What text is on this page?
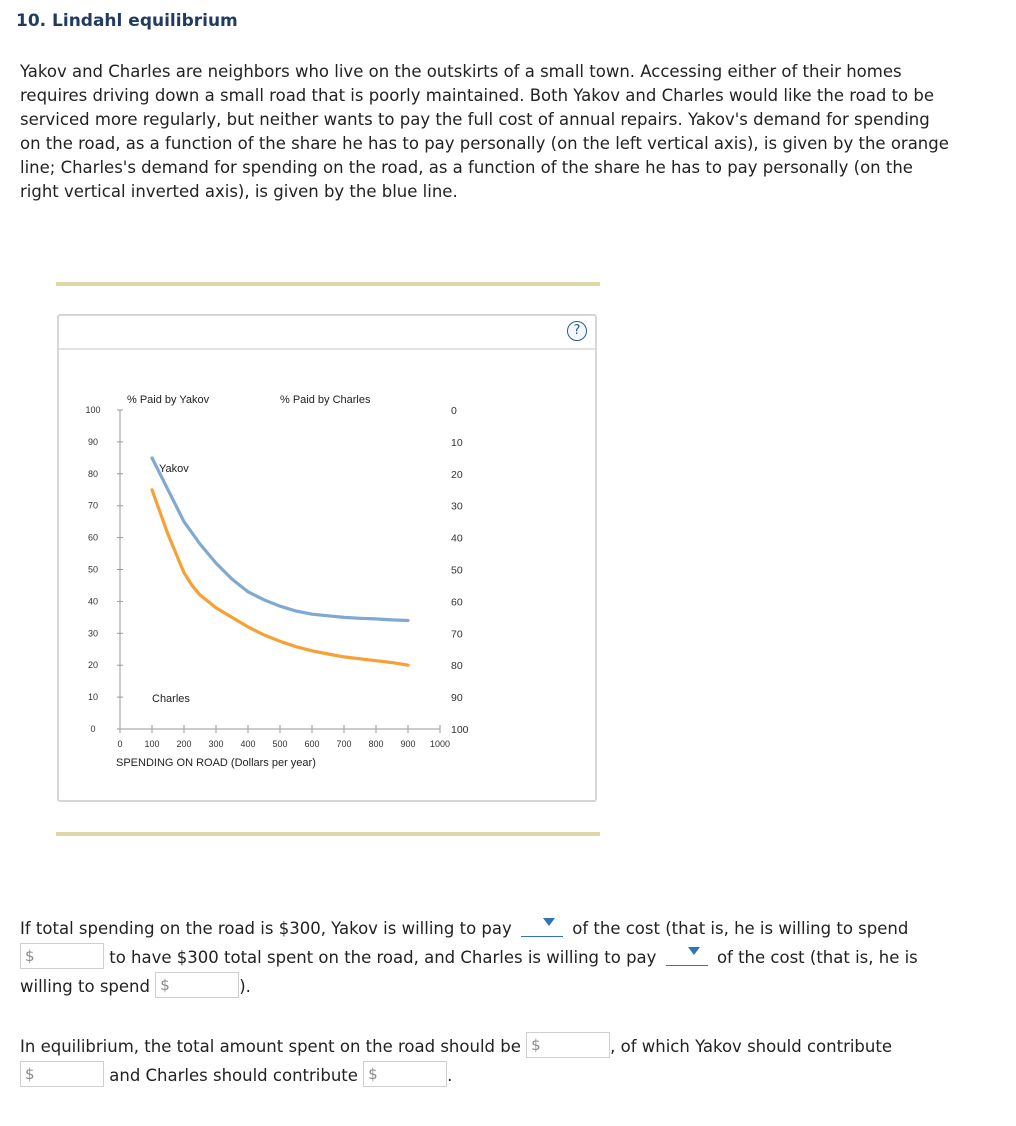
10. Lindahl equilibrium

Yakov and Charles are neighbors who live on the outskirts of a small town. Accessing either of their homes requires driving down a small road that is poorly maintained. Both Yakov and Charles would like the road to be serviced more regularly, but neither wants to pay the full cost of annual repairs. Yakov's demand for spending on the road, as a function of the share he has to pay personally (on the left vertical axis), is given by the orange line; Charles's demand for spending on the road, as a function of the share he has to pay personally (on the right vertical inverted axis), is given by the blue line.

?
0
10
20
30
40
50
60
70
80
90
100
100
90
80
70
60
50
40
30
20
10
0
0 100 200 300 400 500 600 700 800 900 1000
% Paid by Yakov	% Paid by Charles
SPENDING ON ROAD (Dollars per year)
Yakov
Charles

If total spending on the road is $300, Yakov is willing to pay	of the cost (that is, he is willing to spend
$	to have $300 total spent on the road, and Charles is willing to pay	of the cost (that is, he is willing to spend $	).

In equilibrium, the total amount spent on the road should be $	, of which Yakov should contribute
$	and Charles should contribute $	.
